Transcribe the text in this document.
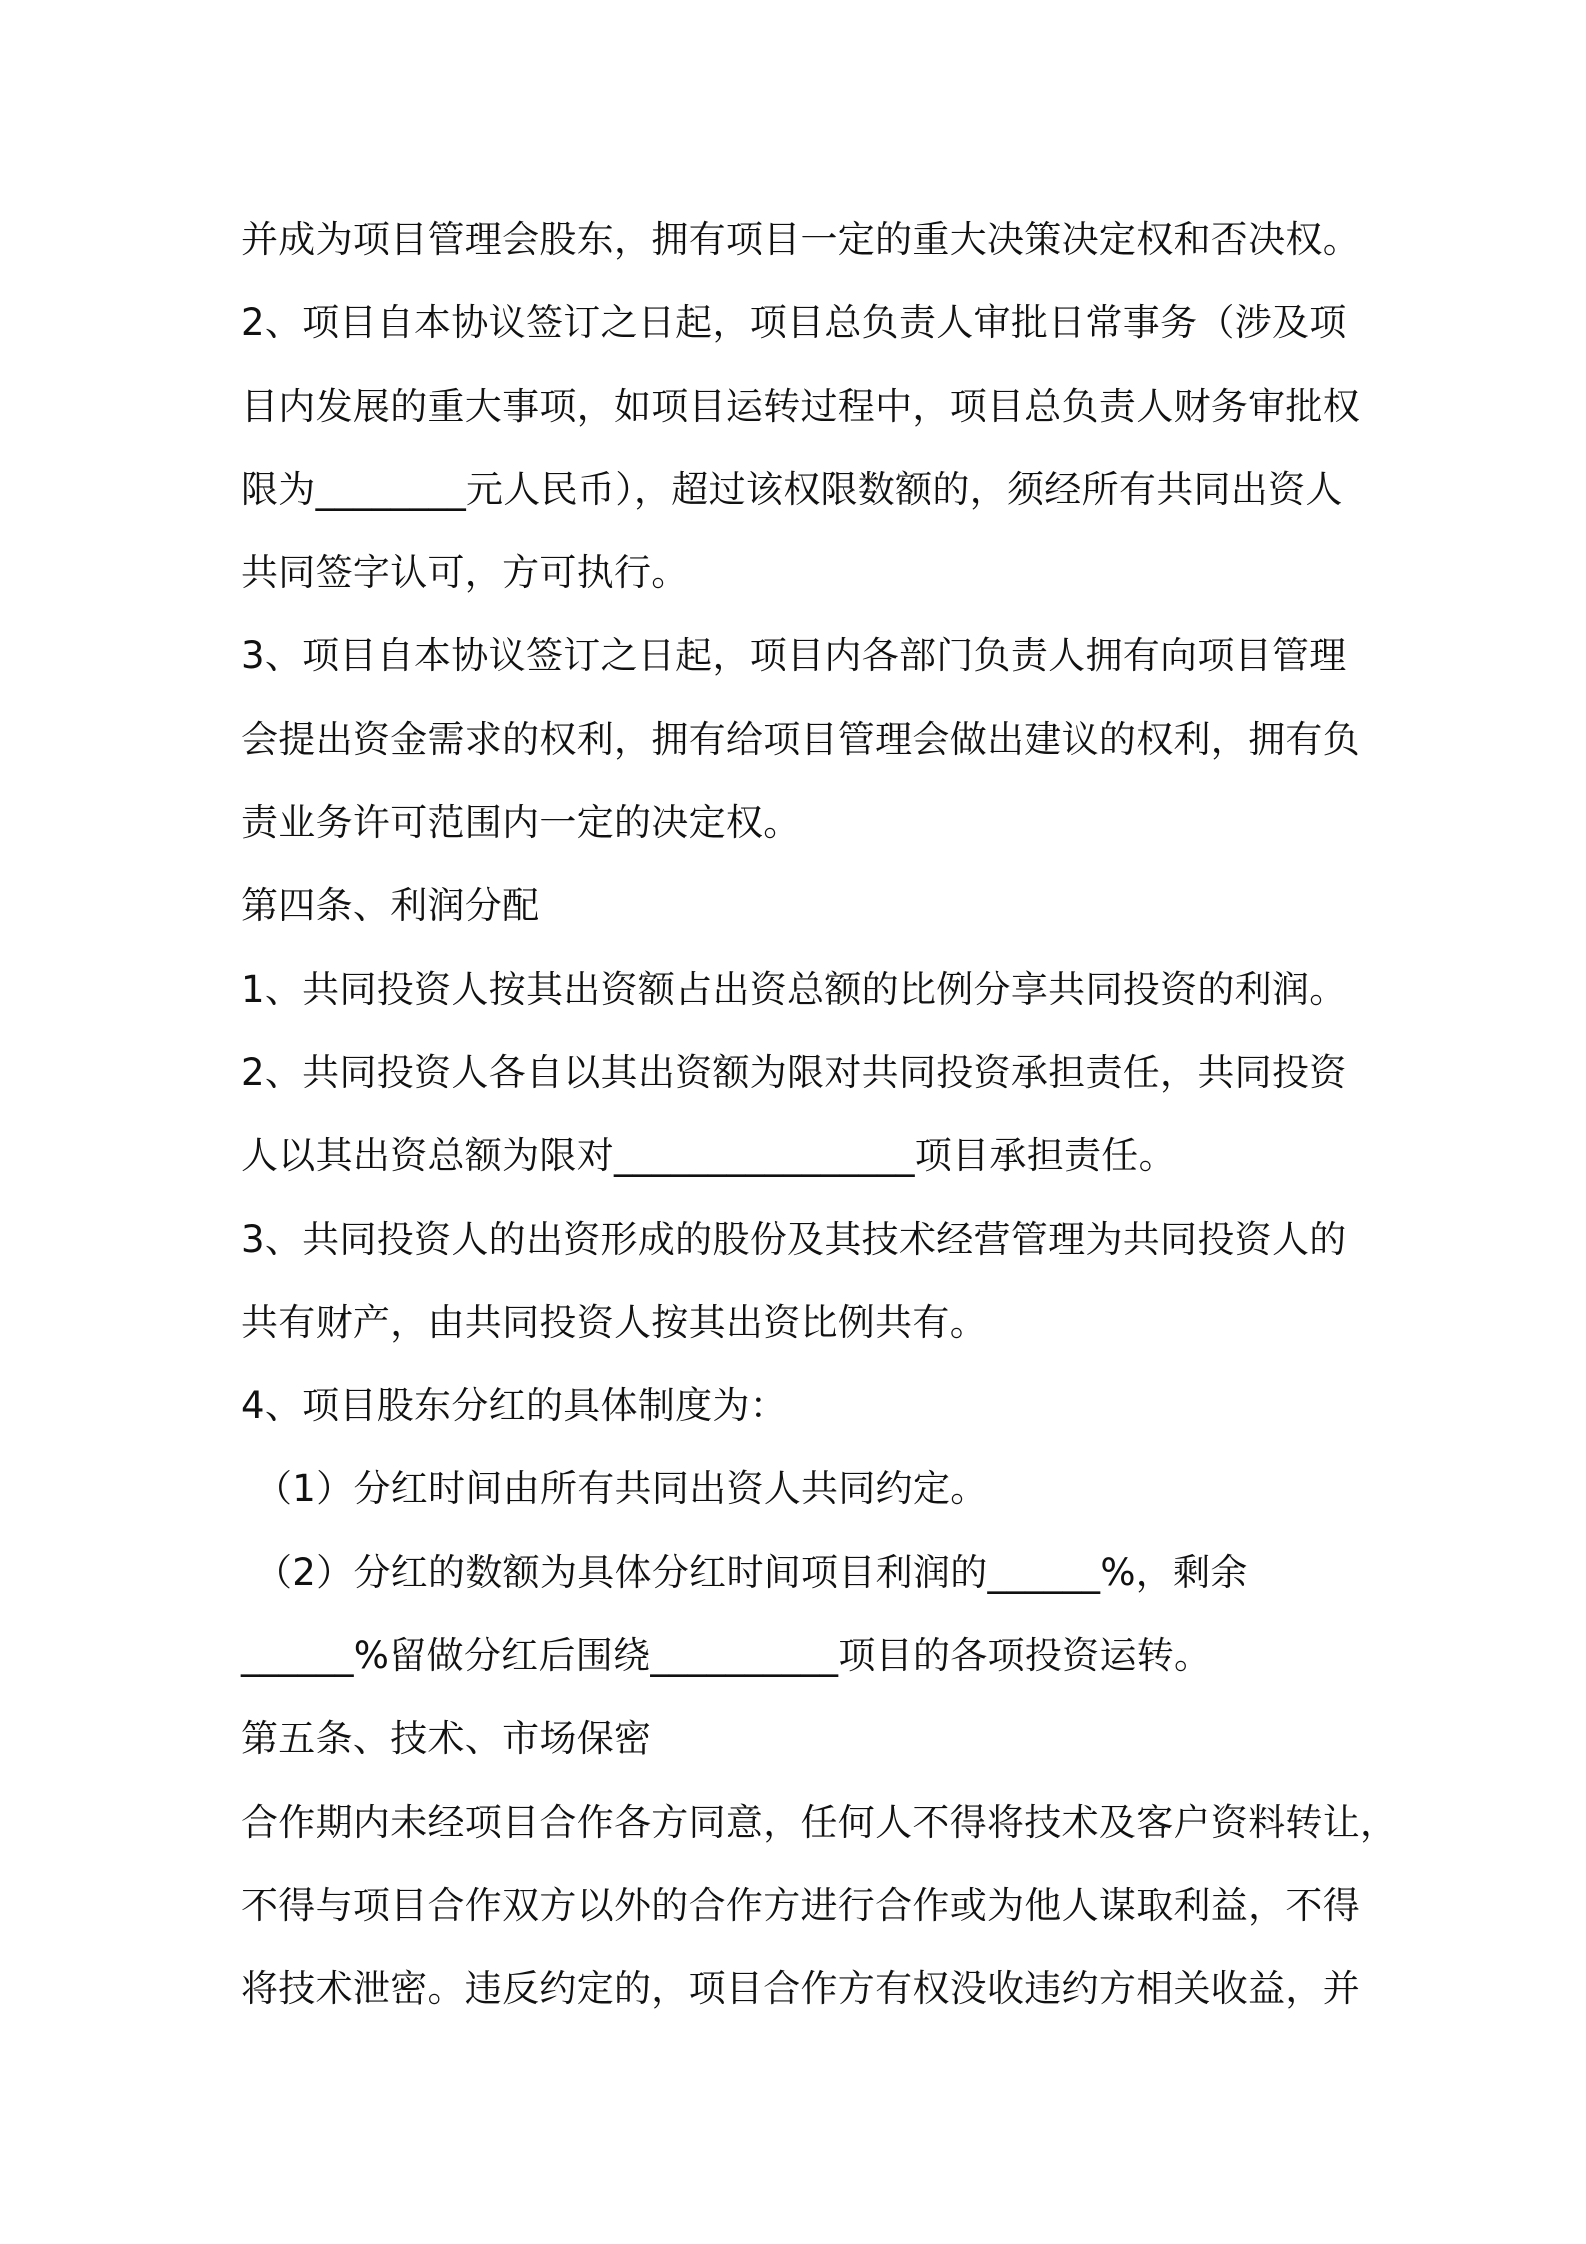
并成为项目管理会股东，拥有项目一定的重大决策决定权和否决权。
2、项目自本协议签订之日起，项目总负责人审批日常事务（涉及项
目内发展的重大事项，如项目运转过程中，项目总负责人财务审批权
限为________元人民币），超过该权限数额的，须经所有共同出资人
共同签字认可，方可执行。
3、项目自本协议签订之日起，项目内各部门负责人拥有向项目管理
会提出资金需求的权利，拥有给项目管理会做出建议的权利，拥有负
责业务许可范围内一定的决定权。
第四条、利润分配
1、共同投资人按其出资额占出资总额的比例分享共同投资的利润。
2、共同投资人各自以其出资额为限对共同投资承担责任，共同投资
人以其出资总额为限对________________项目承担责任。
3、共同投资人的出资形成的股份及其技术经营管理为共同投资人的
共有财产，由共同投资人按其出资比例共有。
4、项目股东分红的具体制度为：
（1）分红时间由所有共同出资人共同约定。
（2）分红的数额为具体分红时间项目利润的______%，剩余
______%留做分红后围绕__________项目的各项投资运转。
第五条、技术、市场保密
合作期内未经项目合作各方同意，任何人不得将技术及客户资料转让，
不得与项目合作双方以外的合作方进行合作或为他人谋取利益，不得
将技术泄密。违反约定的，项目合作方有权没收违约方相关收益，并
